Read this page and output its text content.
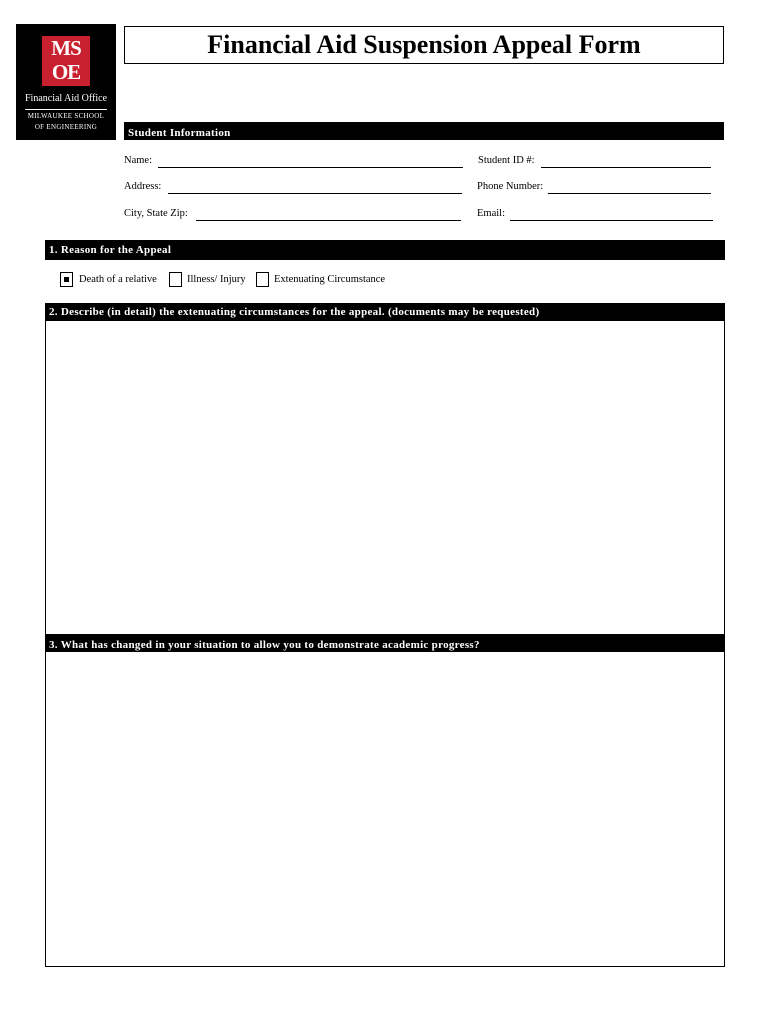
MS
OE
Financial Aid Office
MILWAUKEE SCHOOL
OF ENGINEERING
Financial Aid Suspension Appeal Form
Student Information
Name:	Student ID #:
Address:	Phone Number:
City, State Zip:	Email:
1. Reason for the Appeal
Death of a relative	Illness/ Injury	Extenuating Circumstance
2. Describe (in detail) the extenuating circumstances for the appeal. (documents may be requested)
3. What has changed in your situation to allow you to demonstrate academic progress?
